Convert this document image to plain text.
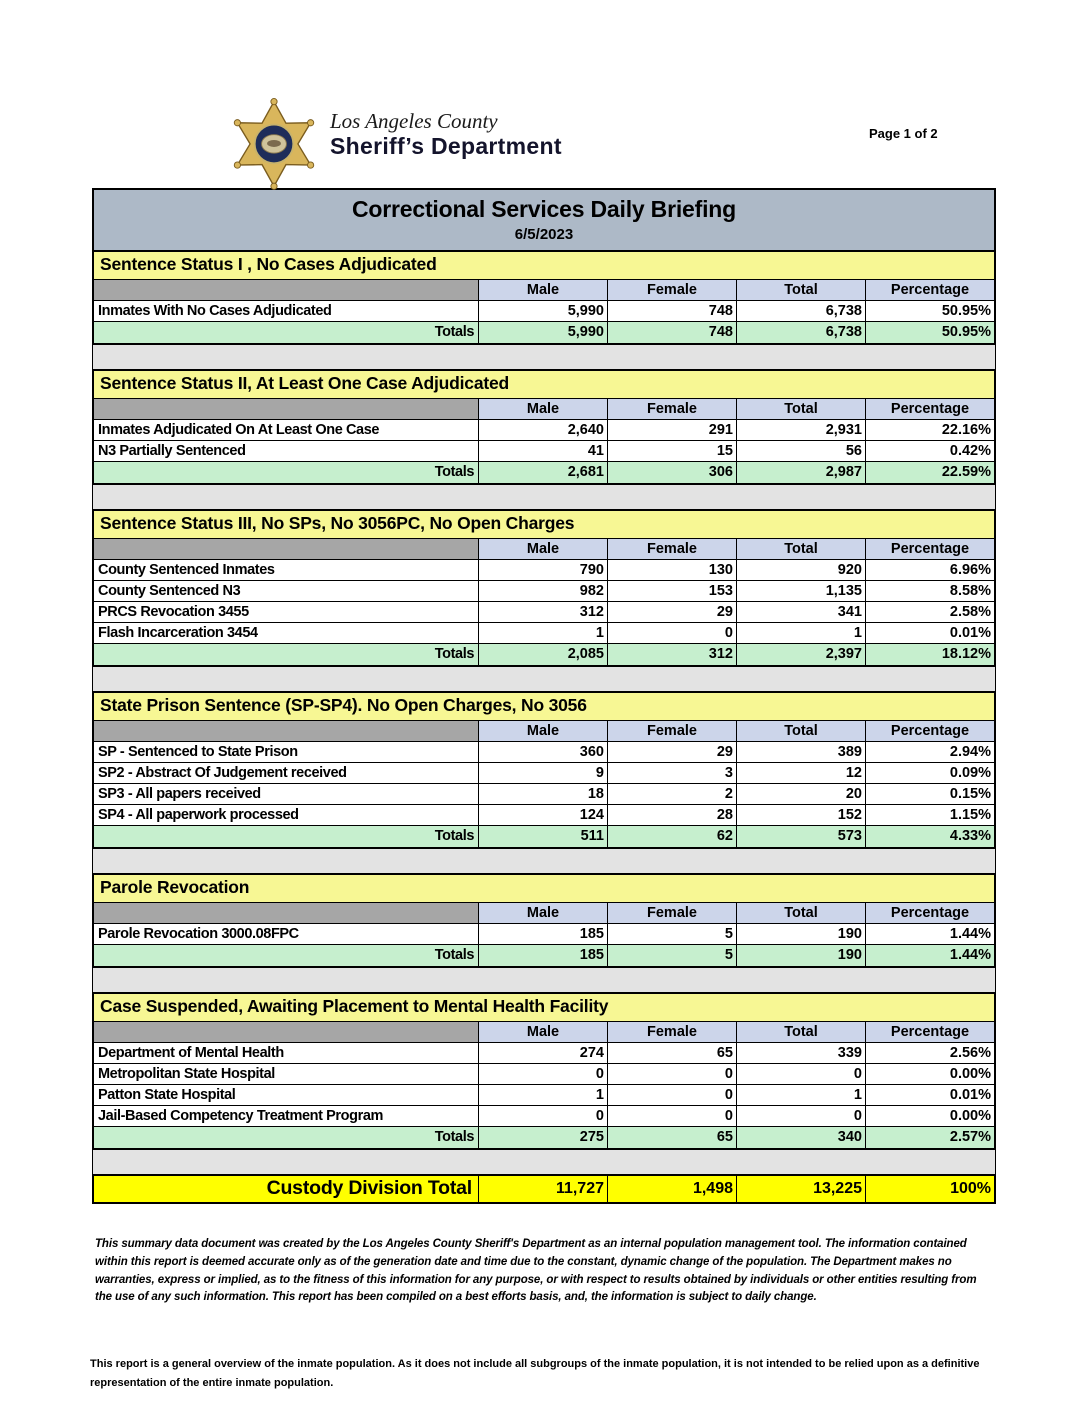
Los Angeles County
Sheriff’s Department	Page 1 of 2
Correctional Services Daily Briefing
6/5/2023
Sentence Status I , No Cases Adjudicated
Male	Female	Total	Percentage
Inmates With No Cases Adjudicated	5,990	748	6,738	50.95%
Totals	5,990	748	6,738	50.95%
Sentence Status II, At Least One Case Adjudicated
Male	Female	Total	Percentage
Inmates Adjudicated On At Least One Case	2,640	291	2,931	22.16%
N3 Partially Sentenced	41	15	56	0.42%
Totals	2,681	306	2,987	22.59%
Sentence Status III, No SPs, No 3056PC, No Open Charges
Male	Female	Total	Percentage
County Sentenced Inmates	790	130	920	6.96%
County Sentenced N3	982	153	1,135	8.58%
PRCS Revocation 3455	312	29	341	2.58%
Flash Incarceration 3454	1	0	1	0.01%
Totals	2,085	312	2,397	18.12%
State Prison Sentence (SP-SP4). No Open Charges, No 3056
Male	Female	Total	Percentage
SP - Sentenced to State Prison	360	29	389	2.94%
SP2 - Abstract Of Judgement received	9	3	12	0.09%
SP3 - All papers received	18	2	20	0.15%
SP4 - All paperwork processed	124	28	152	1.15%
Totals	511	62	573	4.33%
Parole Revocation
Male	Female	Total	Percentage
Parole Revocation 3000.08FPC	185	5	190	1.44%
Totals	185	5	190	1.44%
Case Suspended, Awaiting Placement to Mental Health Facility
Male	Female	Total	Percentage
Department of Mental Health	274	65	339	2.56%
Metropolitan State Hospital	0	0	0	0.00%
Patton State Hospital	1	0	1	0.01%
Jail-Based Competency Treatment Program	0	0	0	0.00%
Totals	275	65	340	2.57%
Custody Division Total	11,727	1,498	13,225	100%

This summary data document was created by the Los Angeles County Sheriff's Department as an internal population management tool. The information contained within this report is deemed accurate only as of the generation date and time due to the constant, dynamic change of the population. The Department makes no warranties, express or implied, as to the fitness of this information for any purpose, or with respect to results obtained by individuals or other entities resulting from the use of any such information. This report has been compiled on a best efforts basis, and, the information is subject to daily change.

This report is a general overview of the inmate population. As it does not include all subgroups of the inmate population, it is not intended to be relied upon as a definitive representation of the entire inmate population.
